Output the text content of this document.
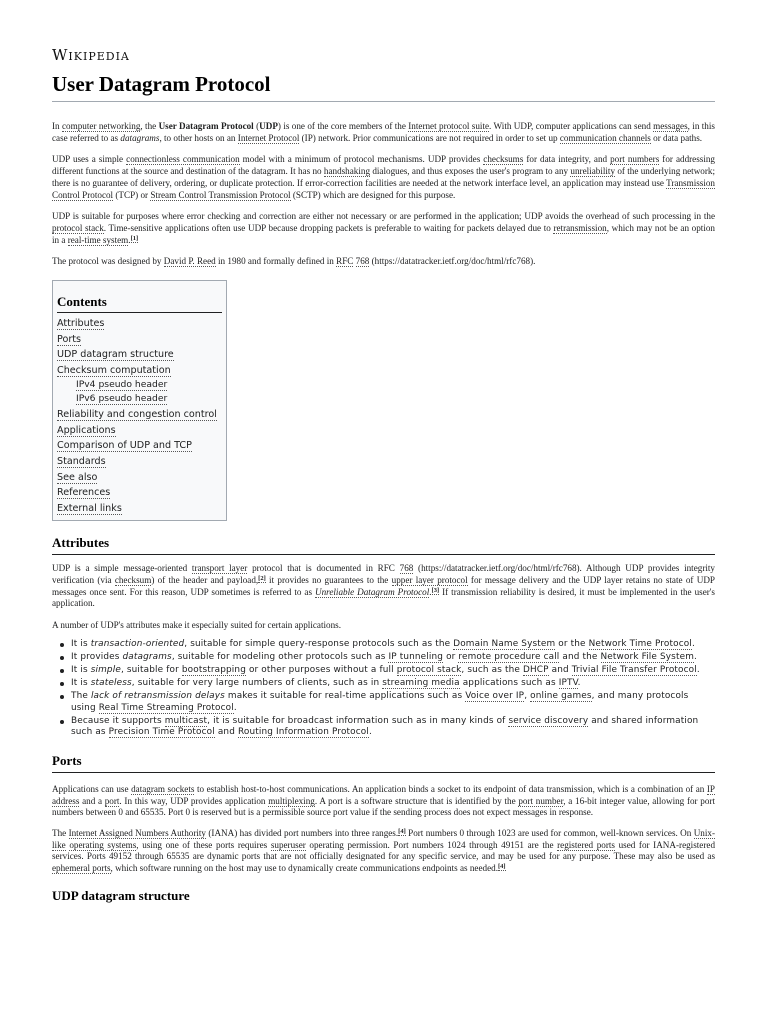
Wikipedia
User Datagram Protocol

In computer networking, the User Datagram Protocol (UDP) is one of the core members of the Internet protocol suite. With UDP, computer applications can send messages, in this case referred to as datagrams, to other hosts on an Internet Protocol (IP) network. Prior communications are not required in order to set up communication channels or data paths.

UDP uses a simple connectionless communication model with a minimum of protocol mechanisms. UDP provides checksums for data integrity, and port numbers for addressing different functions at the source and destination of the datagram. It has no handshaking dialogues, and thus exposes the user's program to any unreliability of the underlying network; there is no guarantee of delivery, ordering, or duplicate protection. If error-correction facilities are needed at the network interface level, an application may instead use Transmission Control Protocol (TCP) or Stream Control Transmission Protocol (SCTP) which are designed for this purpose.

UDP is suitable for purposes where error checking and correction are either not necessary or are performed in the application; UDP avoids the overhead of such processing in the protocol stack. Time-sensitive applications often use UDP because dropping packets is preferable to waiting for packets delayed due to retransmission, which may not be an option in a real-time system.[1]

The protocol was designed by David P. Reed in 1980 and formally defined in RFC 768 (https://datatracker.ietf.org/doc/html/rfc768).

Contents
Attributes
Ports
UDP datagram structure
Checksum computation
IPv4 pseudo header
IPv6 pseudo header
Reliability and congestion control
Applications
Comparison of UDP and TCP
Standards
See also
References
External links
Attributes

UDP is a simple message-oriented transport layer protocol that is documented in RFC 768 (https://datatracker.ietf.org/doc/html/rfc768). Although UDP provides integrity verification (via checksum) of the header and payload,[2] it provides no guarantees to the upper layer protocol for message delivery and the UDP layer retains no state of UDP messages once sent. For this reason, UDP sometimes is referred to as Unreliable Datagram Protocol.[3] If transmission reliability is desired, it must be implemented in the user's application.

A number of UDP's attributes make it especially suited for certain applications.

It is transaction-oriented, suitable for simple query-response protocols such as the Domain Name System or the Network Time Protocol.
It provides datagrams, suitable for modeling other protocols such as IP tunneling or remote procedure call and the Network File System.
It is simple, suitable for bootstrapping or other purposes without a full protocol stack, such as the DHCP and Trivial File Transfer Protocol.
It is stateless, suitable for very large numbers of clients, such as in streaming media applications such as IPTV.
The lack of retransmission delays makes it suitable for real-time applications such as Voice over IP, online games, and many protocols using Real Time Streaming Protocol.
Because it supports multicast, it is suitable for broadcast information such as in many kinds of service discovery and shared information such as Precision Time Protocol and Routing Information Protocol.
Ports

Applications can use datagram sockets to establish host-to-host communications. An application binds a socket to its endpoint of data transmission, which is a combination of an IP address and a port. In this way, UDP provides application multiplexing. A port is a software structure that is identified by the port number, a 16-bit integer value, allowing for port numbers between 0 and 65535. Port 0 is reserved but is a permissible source port value if the sending process does not expect messages in response.

The Internet Assigned Numbers Authority (IANA) has divided port numbers into three ranges.[4] Port numbers 0 through 1023 are used for common, well-known services. On Unix-like operating systems, using one of these ports requires superuser operating permission. Port numbers 1024 through 49151 are the registered ports used for IANA-registered services. Ports 49152 through 65535 are dynamic ports that are not officially designated for any specific service, and may be used for any purpose. These may also be used as ephemeral ports, which software running on the host may use to dynamically create communications endpoints as needed.[4]

UDP datagram structure
